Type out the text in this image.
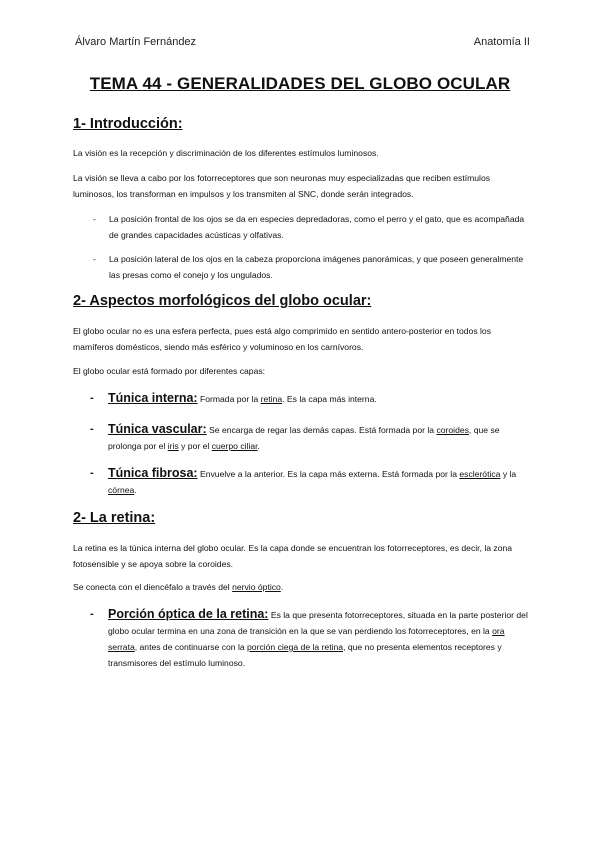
Álvaro Martín Fernández	Anatomía II
TEMA 44 - GENERALIDADES DEL GLOBO OCULAR
1- Introducción:
La visión es la recepción y discriminación de los diferentes estímulos luminosos.
La visión se lleva a cabo por los fotorreceptores que son neuronas muy especializadas que reciben estímulos luminosos, los transforman en impulsos y los transmiten al SNC, donde serán integrados.
- La posición frontal de los ojos se da en especies depredadoras, como el perro y el gato, que es acompañada de grandes capacidades acústicas y olfativas.
- La posición lateral de los ojos en la cabeza proporciona imágenes panorámicas, y que poseen generalmente las presas como el conejo y los ungulados.
2- Aspectos morfológicos del globo ocular:
El globo ocular no es una esfera perfecta, pues está algo comprimido en sentido antero-posterior en todos los mamíferos domésticos, siendo más esférico y voluminoso en los carnívoros.
El globo ocular está formado por diferentes capas:
- Túnica interna: Formada por la retina. Es la capa más interna.
- Túnica vascular: Se encarga de regar las demás capas. Está formada por la coroides, que se prolonga por el iris y por el cuerpo ciliar.
- Túnica fibrosa: Envuelve a la anterior. Es la capa más externa. Está formada por la esclerótica y la córnea.
2- La retina:
La retina es la túnica interna del globo ocular. Es la capa donde se encuentran los fotorreceptores, es decir, la zona fotosensible y se apoya sobre la coroides.
Se conecta con el diencéfalo a través del nervio óptico.
- Porción óptica de la retina: Es la que presenta fotorreceptores, situada en la parte posterior del globo ocular termina en una zona de transición en la que se van perdiendo los fotorreceptores, en la ora serrata, antes de continuarse con la porción ciega de la retina, que no presenta elementos receptores y transmisores del estímulo luminoso.
